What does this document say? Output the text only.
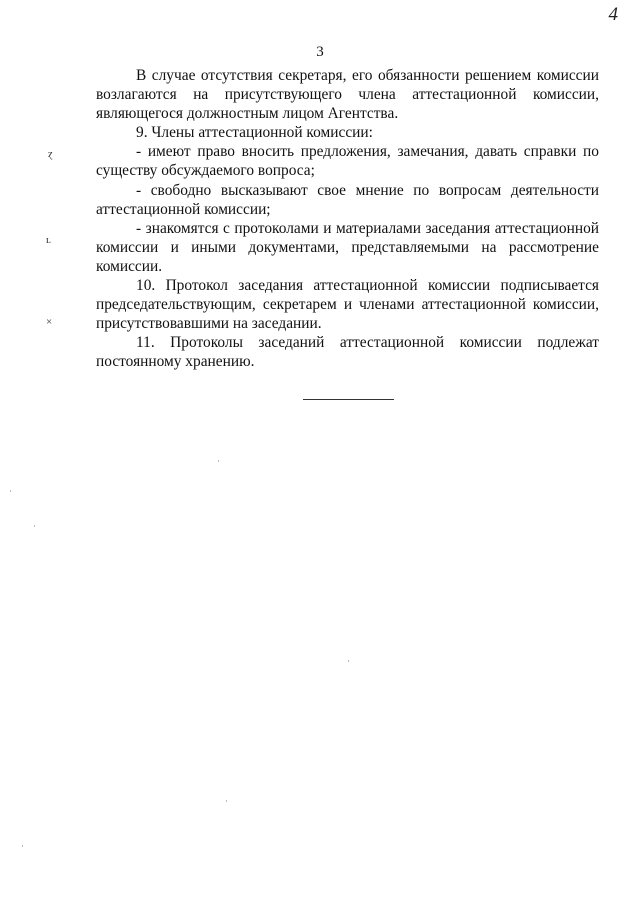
4
3

В случае отсутствия секретаря, его обязанности решением комиссии возлагаются на присутствующего члена аттестационной комиссии, являющегося должностным лицом Агентства.

9. Члены аттестационной комиссии:

- имеют право вносить предложения, замечания, давать справки по существу обсуждаемого вопроса;

- свободно высказывают свое мнение по вопросам деятельности аттестационной комиссии;

- знакомятся с протоколами и материалами заседания аттестационной комиссии и иными документами, представляемыми на рассмотрение комиссии.

10. Протокол заседания аттестационной комиссии подписывается председательствующим, секретарем и членами аттестационной комиссии, присутствовавшими на заседании.

11. Протоколы заседаний аттестационной комиссии подлежат постоянному хранению.

ɀ
ʟ
×
